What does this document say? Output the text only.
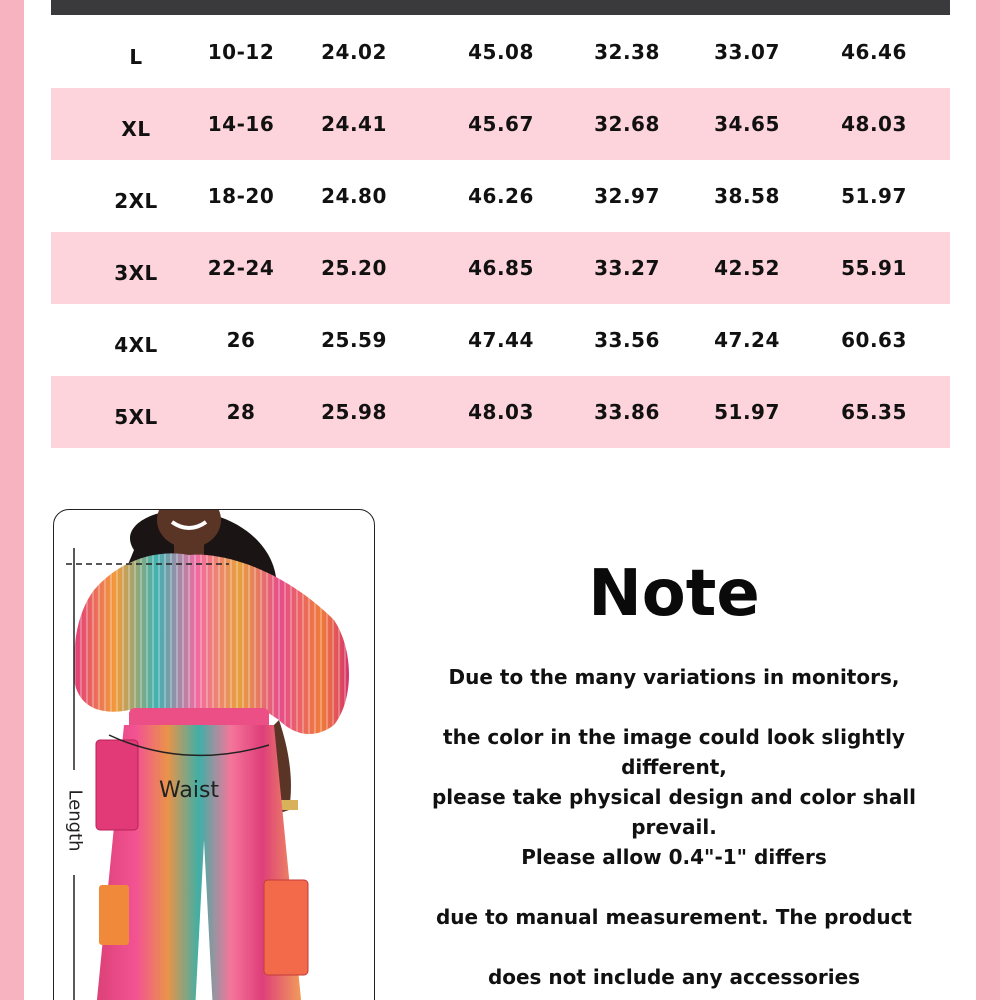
L	10-12	24.02	45.08	32.38	33.07	46.46
XL	14-16	24.41	45.67	32.68	34.65	48.03
2XL	18-20	24.80	46.26	32.97	38.58	51.97
3XL	22-24	25.20	46.85	33.27	42.52	55.91
4XL	26	25.59	47.44	33.56	47.24	60.63
5XL	28	25.98	48.03	33.86	51.97	65.35
Waist
Length
Note
Due to the many variations in monitors,
the color in the image could look slightly different,
please take physical design and color shall prevail.
Please allow 0.4"-1" differs
due to manual measurement. The product
does not include any accessories
